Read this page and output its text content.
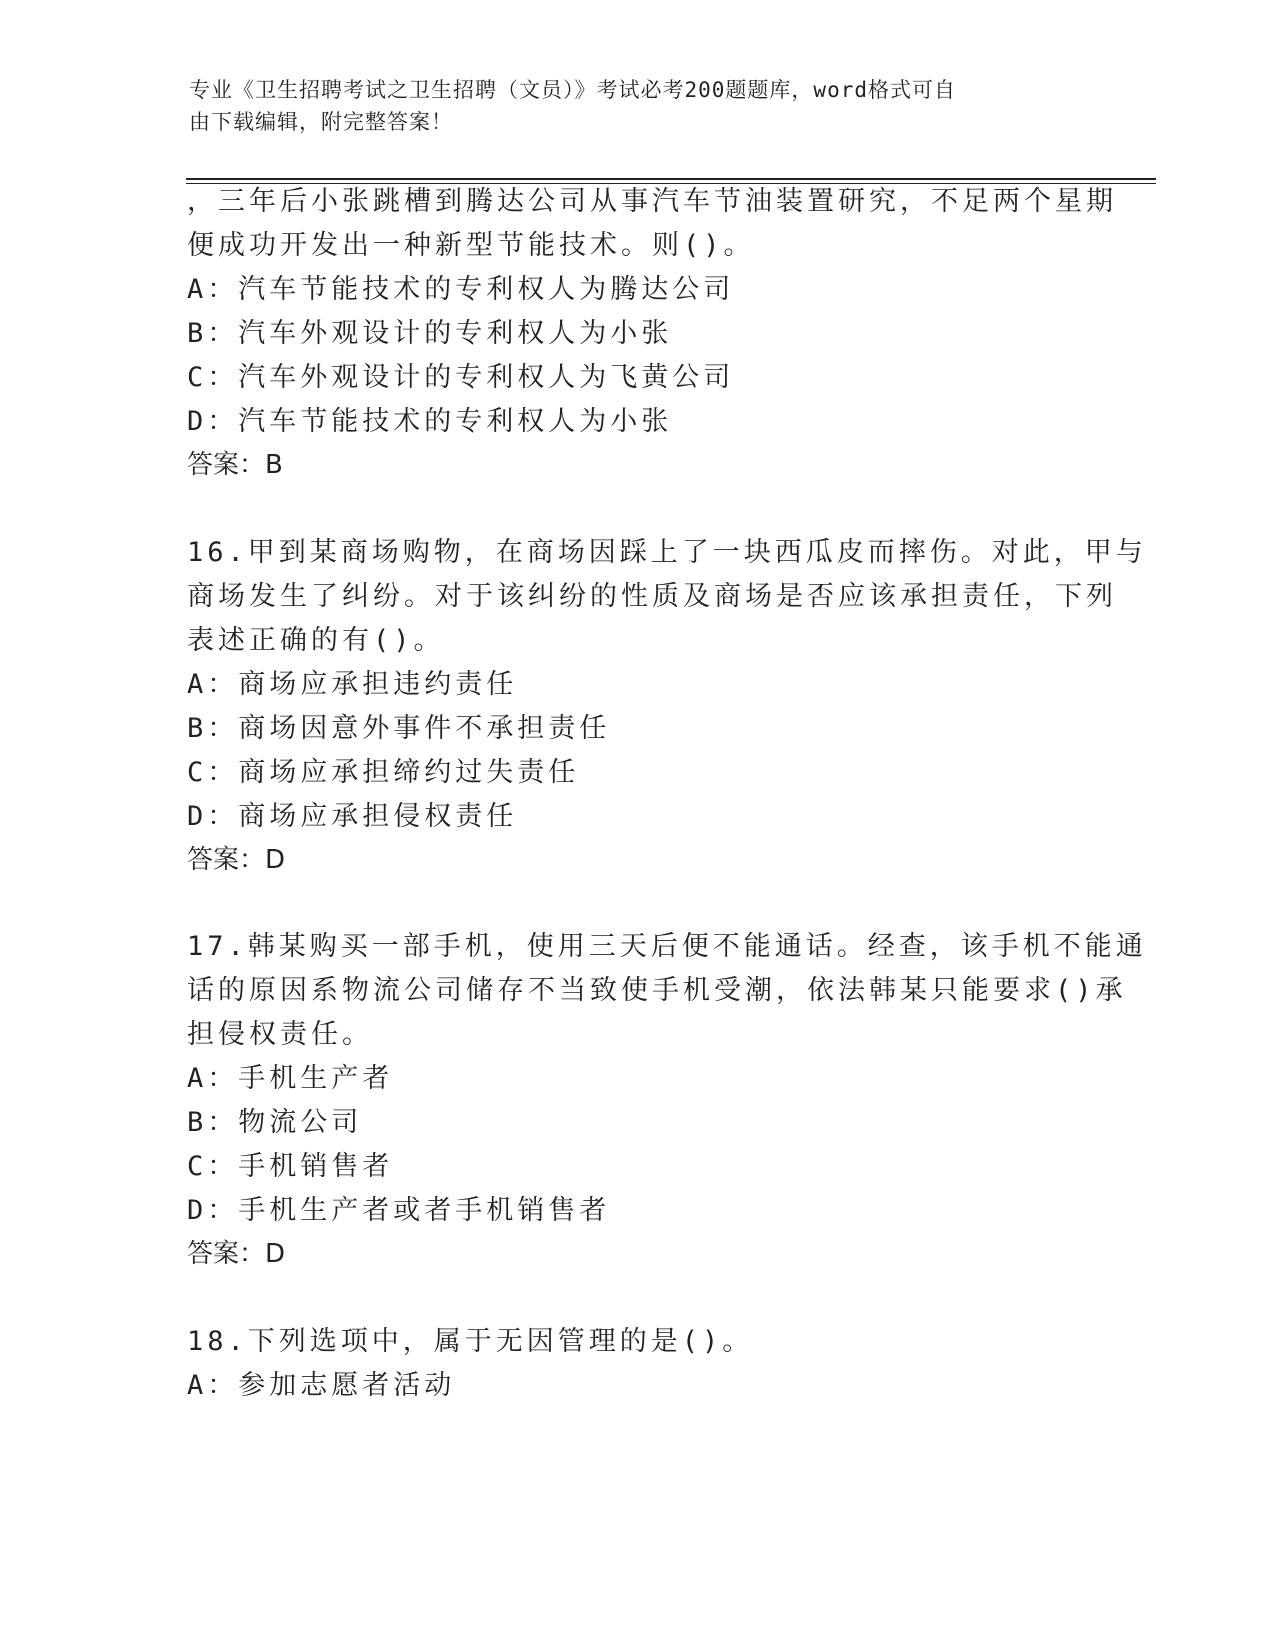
专业《卫生招聘考试之卫生招聘（文员）》考试必考200题题库，word格式可自
由下载编辑，附完整答案！
，三年后小张跳槽到腾达公司从事汽车节油装置研究，不足两个星期
便成功开发出一种新型节能技术。则()。
A：汽车节能技术的专利权人为腾达公司
B：汽车外观设计的专利权人为小张
C：汽车外观设计的专利权人为飞黄公司
D：汽车节能技术的专利权人为小张
答案：B
16.甲到某商场购物，在商场因踩上了一块西瓜皮而摔伤。对此，甲与
商场发生了纠纷。对于该纠纷的性质及商场是否应该承担责任，下列
表述正确的有()。
A：商场应承担违约责任
B：商场因意外事件不承担责任
C：商场应承担缔约过失责任
D：商场应承担侵权责任
答案：D
17.韩某购买一部手机，使用三天后便不能通话。经查，该手机不能通
话的原因系物流公司储存不当致使手机受潮，依法韩某只能要求()承
担侵权责任。
A：手机生产者
B：物流公司
C：手机销售者
D：手机生产者或者手机销售者
答案：D
18.下列选项中，属于无因管理的是()。
A：参加志愿者活动
